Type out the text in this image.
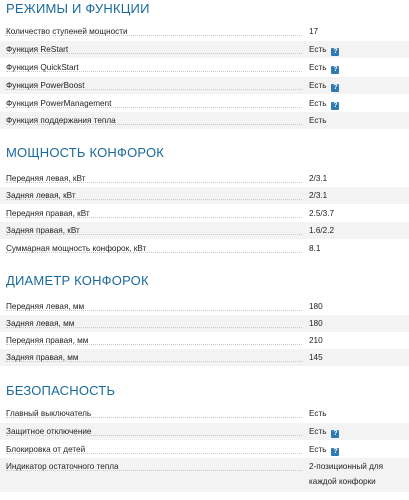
РЕЖИМЫ И ФУНКЦИИ
Количество ступеней мощности	17
Функция ReStart	Есть ?
Функция QuickStart	Есть ?
Функция PowerBoost	Есть ?
Функция PowerManagement	Есть ?
Функция поддержания тепла	Есть
МОЩНОСТЬ КОНФОРОК
Передняя левая, кВт	2/3.1
Задняя левая, кВт	2/3.1
Передняя правая, кВт	2.5/3.7
Задняя правая, кВт	1.6/2.2
Суммарная мощность конфорок, кВт	8.1
ДИАМЕТР КОНФОРОК
Передняя левая, мм	180
Задняя левая, мм	180
Передняя правая, мм	210
Задняя правая, мм	145
БЕЗОПАСНОСТЬ
Главный выключатель	Есть
Защитное отключение	Есть ?
Блокировка от детей	Есть ?
Индикатор остаточного тепла	2-позиционный для каждой конфорки
